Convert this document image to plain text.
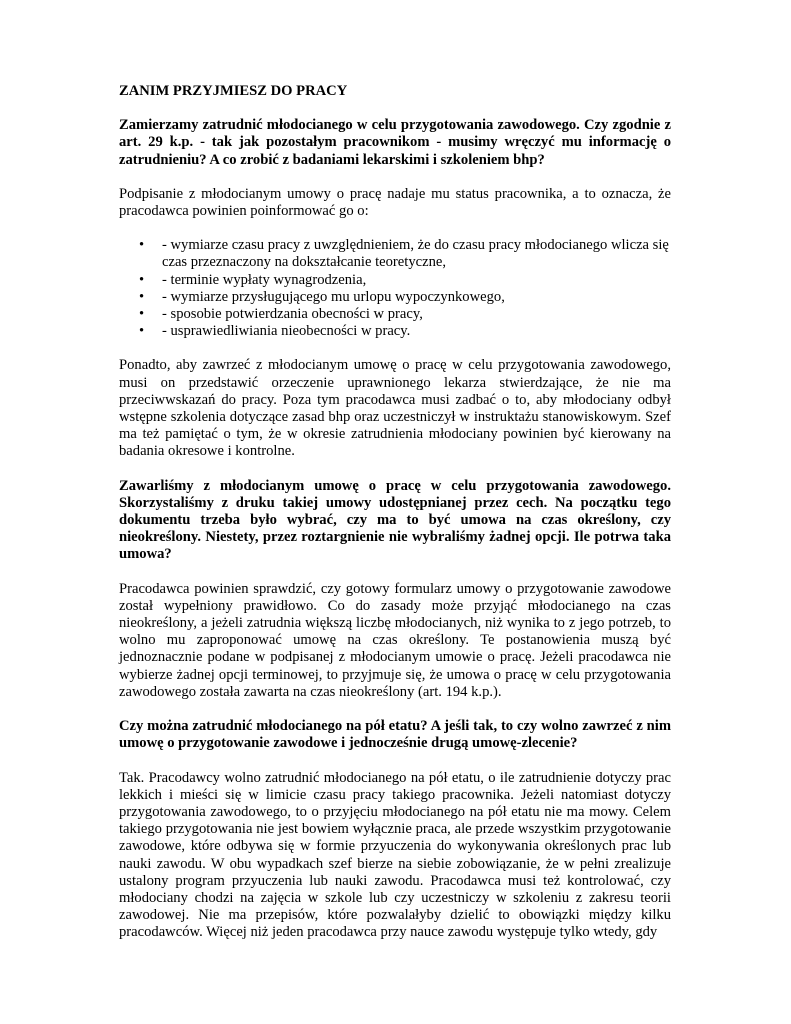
ZANIM PRZYJMIESZ DO PRACY

Zamierzamy zatrudnić młodocianego w celu przygotowania zawodowego. Czy zgodnie z art. 29 k.p. - tak jak pozostałym pracownikom - musimy wręczyć mu informację o zatrudnieniu? A co zrobić z badaniami lekarskimi i szkoleniem bhp?

Podpisanie z młodocianym umowy o pracę nadaje mu status pracownika, a to oznacza, że pracodawca powinien poinformować go o:

• - wymiarze czasu pracy z uwzględnieniem, że do czasu pracy młodocianego wlicza się czas przeznaczony na dokształcanie teoretyczne,
• - terminie wypłaty wynagrodzenia,
• - wymiarze przysługującego mu urlopu wypoczynkowego,
• - sposobie potwierdzania obecności w pracy,
• - usprawiedliwiania nieobecności w pracy.

Ponadto, aby zawrzeć z młodocianym umowę o pracę w celu przygotowania zawodowego, musi on przedstawić orzeczenie uprawnionego lekarza stwierdzające, że nie ma przeciwwskazań do pracy. Poza tym pracodawca musi zadbać o to, aby młodociany odbył wstępne szkolenia dotyczące zasad bhp oraz uczestniczył w instruktażu stanowiskowym. Szef ma też pamiętać o tym, że w okresie zatrudnienia młodociany powinien być kierowany na badania okresowe i kontrolne.

Zawarliśmy z młodocianym umowę o pracę w celu przygotowania zawodowego. Skorzystaliśmy z druku takiej umowy udostępnianej przez cech. Na początku tego dokumentu trzeba było wybrać, czy ma to być umowa na czas określony, czy nieokreślony. Niestety, przez roztargnienie nie wybraliśmy żadnej opcji. Ile potrwa taka umowa?

Pracodawca powinien sprawdzić, czy gotowy formularz umowy o przygotowanie zawodowe został wypełniony prawidłowo. Co do zasady może przyjąć młodocianego na czas nieokreślony, a jeżeli zatrudnia większą liczbę młodocianych, niż wynika to z jego potrzeb, to wolno mu zaproponować umowę na czas określony. Te postanowienia muszą być jednoznacznie podane w podpisanej z młodocianym umowie o pracę. Jeżeli pracodawca nie wybierze żadnej opcji terminowej, to przyjmuje się, że umowa o pracę w celu przygotowania zawodowego została zawarta na czas nieokreślony (art. 194 k.p.).

Czy można zatrudnić młodocianego na pół etatu? A jeśli tak, to czy wolno zawrzeć z nim umowę o przygotowanie zawodowe i jednocześnie drugą umowę-zlecenie?

Tak. Pracodawcy wolno zatrudnić młodocianego na pół etatu, o ile zatrudnienie dotyczy prac lekkich i mieści się w limicie czasu pracy takiego pracownika. Jeżeli natomiast dotyczy przygotowania zawodowego, to o przyjęciu młodocianego na pół etatu nie ma mowy. Celem takiego przygotowania nie jest bowiem wyłącznie praca, ale przede wszystkim przygotowanie zawodowe, które odbywa się w formie przyuczenia do wykonywania określonych prac lub nauki zawodu. W obu wypadkach szef bierze na siebie zobowiązanie, że w pełni zrealizuje ustalony program przyuczenia lub nauki zawodu. Pracodawca musi też kontrolować, czy młodociany chodzi na zajęcia w szkole lub czy uczestniczy w szkoleniu z zakresu teorii zawodowej. Nie ma przepisów, które pozwalałyby dzielić to obowiązki między kilku pracodawców. Więcej niż jeden pracodawca przy nauce zawodu występuje tylko wtedy, gdy
